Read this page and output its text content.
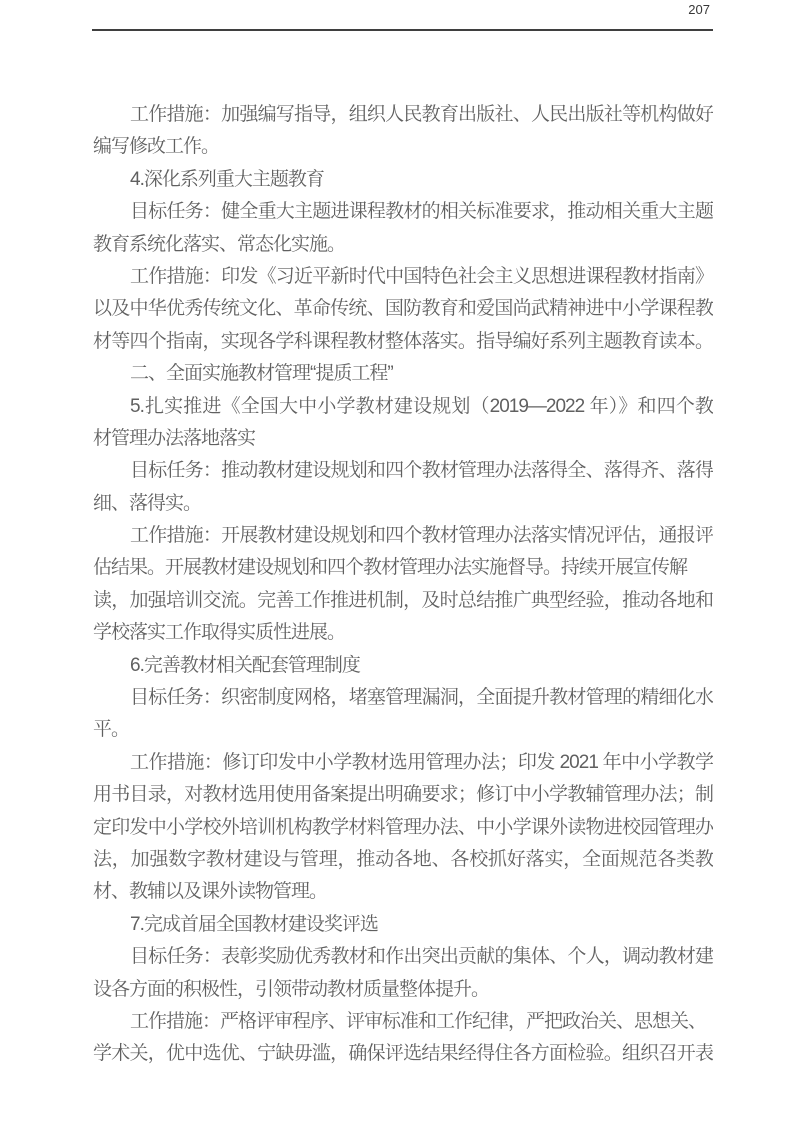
207
工作措施：加强编写指导，组织人民教育出版社、人民出版社等机构做好
编写修改工作。
4.深化系列重大主题教育
目标任务：健全重大主题进课程教材的相关标准要求，推动相关重大主题
教育系统化落实、常态化实施。
工作措施：印发《习近平新时代中国特色社会主义思想进课程教材指南》
以及中华优秀传统文化、革命传统、国防教育和爱国尚武精神进中小学课程教
材等四个指南，实现各学科课程教材整体落实。指导编好系列主题教育读本。
二、全面实施教材管理“提质工程”
5.扎实推进《全国大中小学教材建设规划（2019—2022 年）》和四个教
材管理办法落地落实
目标任务：推动教材建设规划和四个教材管理办法落得全、落得齐、落得
细、落得实。
工作措施：开展教材建设规划和四个教材管理办法落实情况评估，通报评
估结果。开展教材建设规划和四个教材管理办法实施督导。持续开展宣传解
读，加强培训交流。完善工作推进机制，及时总结推广典型经验，推动各地和
学校落实工作取得实质性进展。
6.完善教材相关配套管理制度
目标任务：织密制度网格，堵塞管理漏洞，全面提升教材管理的精细化水
平。
工作措施：修订印发中小学教材选用管理办法；印发 2021 年中小学教学
用书目录，对教材选用使用备案提出明确要求；修订中小学教辅管理办法；制
定印发中小学校外培训机构教学材料管理办法、中小学课外读物进校园管理办
法，加强数字教材建设与管理，推动各地、各校抓好落实，全面规范各类教
材、教辅以及课外读物管理。
7.完成首届全国教材建设奖评选
目标任务：表彰奖励优秀教材和作出突出贡献的集体、个人，调动教材建
设各方面的积极性，引领带动教材质量整体提升。
工作措施：严格评审程序、评审标准和工作纪律，严把政治关、思想关、
学术关，优中选优、宁缺毋滥，确保评选结果经得住各方面检验。组织召开表
